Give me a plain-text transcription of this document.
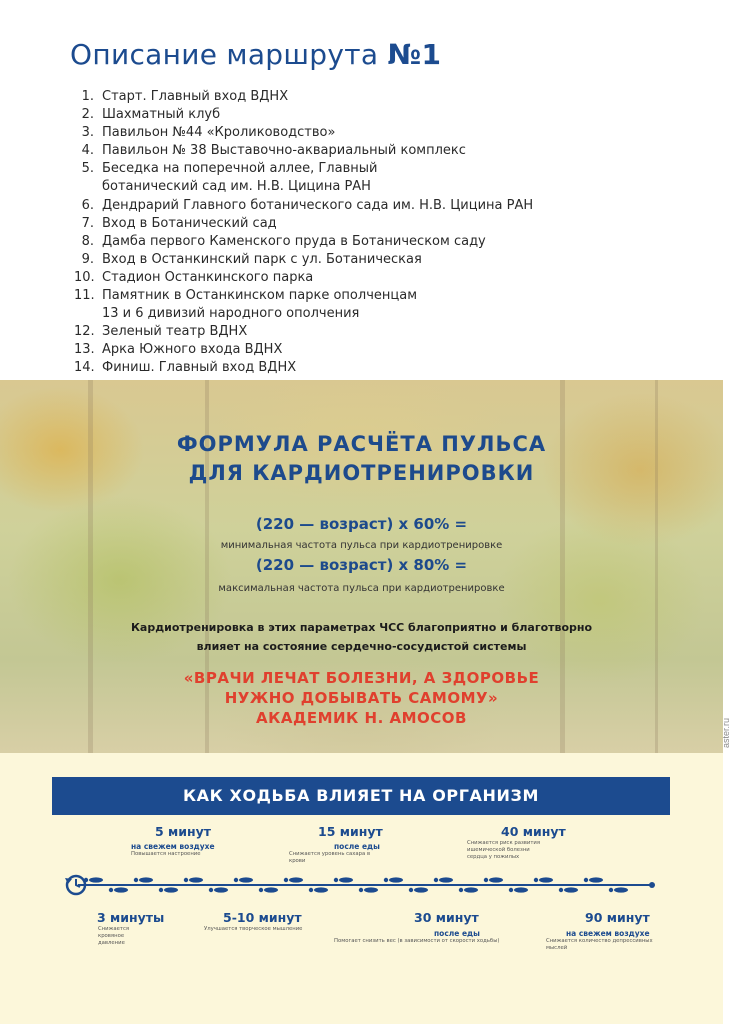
Описание маршрута №1
1. Старт. Главный вход ВДНХ
2. Шахматный клуб
3. Павильон №44 «Кролиководство»
4. Павильон № 38 Выставочно-аквариальный комплекс
5. Беседка на поперечной аллее, Главный
ботанический сад им. Н.В. Цицина РАН
6. Дендрарий Главного ботанического сада им. Н.В. Цицина РАН
7. Вход в Ботанический сад
8. Дамба первого Каменского пруда в Ботаническом саду
9. Вход в Останкинский парк с ул. Ботаническая
10. Стадион Останкинского парка
11. Памятник в Останкинском парке ополченцам
13 и 6 дивизий народного ополчения
12. Зеленый театр ВДНХ
13. Арка Южного входа ВДНХ
14. Финиш. Главный вход ВДНХ
ФОРМУЛА РАСЧЁТА ПУЛЬСА
ДЛЯ КАРДИОТРЕНИРОВКИ
(220 — возраст) х 60% =
минимальная частота пульса при кардиотренировке
(220 — возраст) х 80% =
максимальная частота пульса при кардиотренировке
Кардиотренировка в этих параметрах ЧСС благоприятно и благотворно
влияет на состояние сердечно-сосудистой системы
«ВРАЧИ ЛЕЧАТ БОЛЕЗНИ, А ЗДОРОВЬЕ
НУЖНО ДОБЫВАТЬ САМОМУ»
АКАДЕМИК Н. АМОСОВ	aster.ru
КАК ХОДЬБА ВЛИЯЕТ НА ОРГАНИЗМ
5 минут
на свежем воздухе
Повышается настроение
15 минут
после еды
Снижается уровень сахара в крови
40 минут
Снижается риск развития ишемической болезни сердца у пожилых
3 минуты
Снижается кровяное давление
5-10 минут
Улучшается творческое мышление
30 минут
после еды
Помогает снизить вес (в зависимости от скорости ходьбы)
90 минут
на свежем воздухе
Снижается количество депрессивных мыслей
